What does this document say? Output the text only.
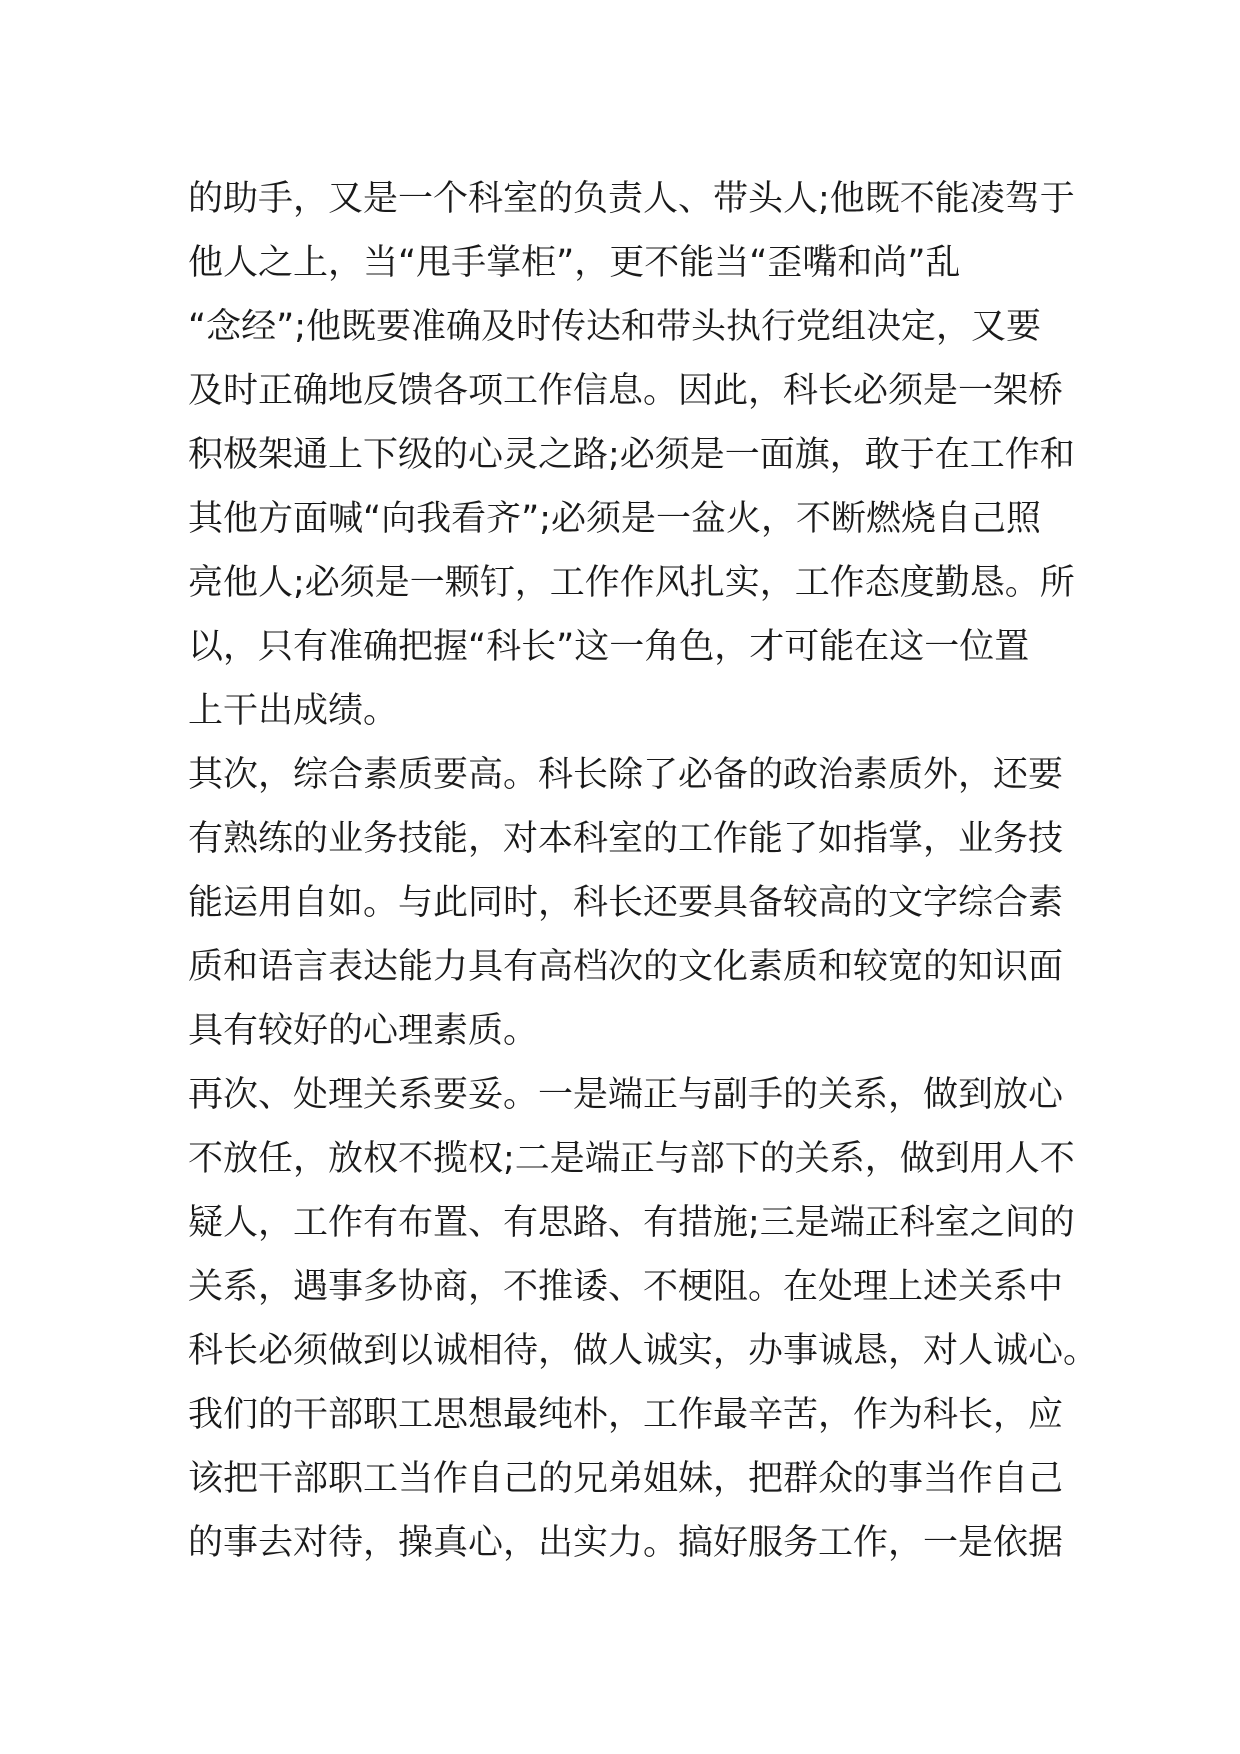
的助手，又是一个科室的负责人、带头人;他既不能凌驾于
他人之上，当“甩手掌柜”，更不能当“歪嘴和尚”乱
“念经”;他既要准确及时传达和带头执行党组决定，又要
及时正确地反馈各项工作信息。因此，科长必须是一架桥
积极架通上下级的心灵之路;必须是一面旗，敢于在工作和
其他方面喊“向我看齐”;必须是一盆火，不断燃烧自己照
亮他人;必须是一颗钉，工作作风扎实，工作态度勤恳。所
以，只有准确把握“科长”这一角色，才可能在这一位置
上干出成绩。
其次，综合素质要高。科长除了必备的政治素质外，还要
有熟练的业务技能，对本科室的工作能了如指掌，业务技
能运用自如。与此同时，科长还要具备较高的文字综合素
质和语言表达能力具有高档次的文化素质和较宽的知识面
具有较好的心理素质。
再次、处理关系要妥。一是端正与副手的关系，做到放心
不放任，放权不揽权;二是端正与部下的关系，做到用人不
疑人，工作有布置、有思路、有措施;三是端正科室之间的
关系，遇事多协商，不推诿、不梗阻。在处理上述关系中
科长必须做到以诚相待，做人诚实，办事诚恳，对人诚心。
我们的干部职工思想最纯朴，工作最辛苦，作为科长，应
该把干部职工当作自己的兄弟姐妹，把群众的事当作自己
的事去对待，操真心，出实力。搞好服务工作，一是依据
